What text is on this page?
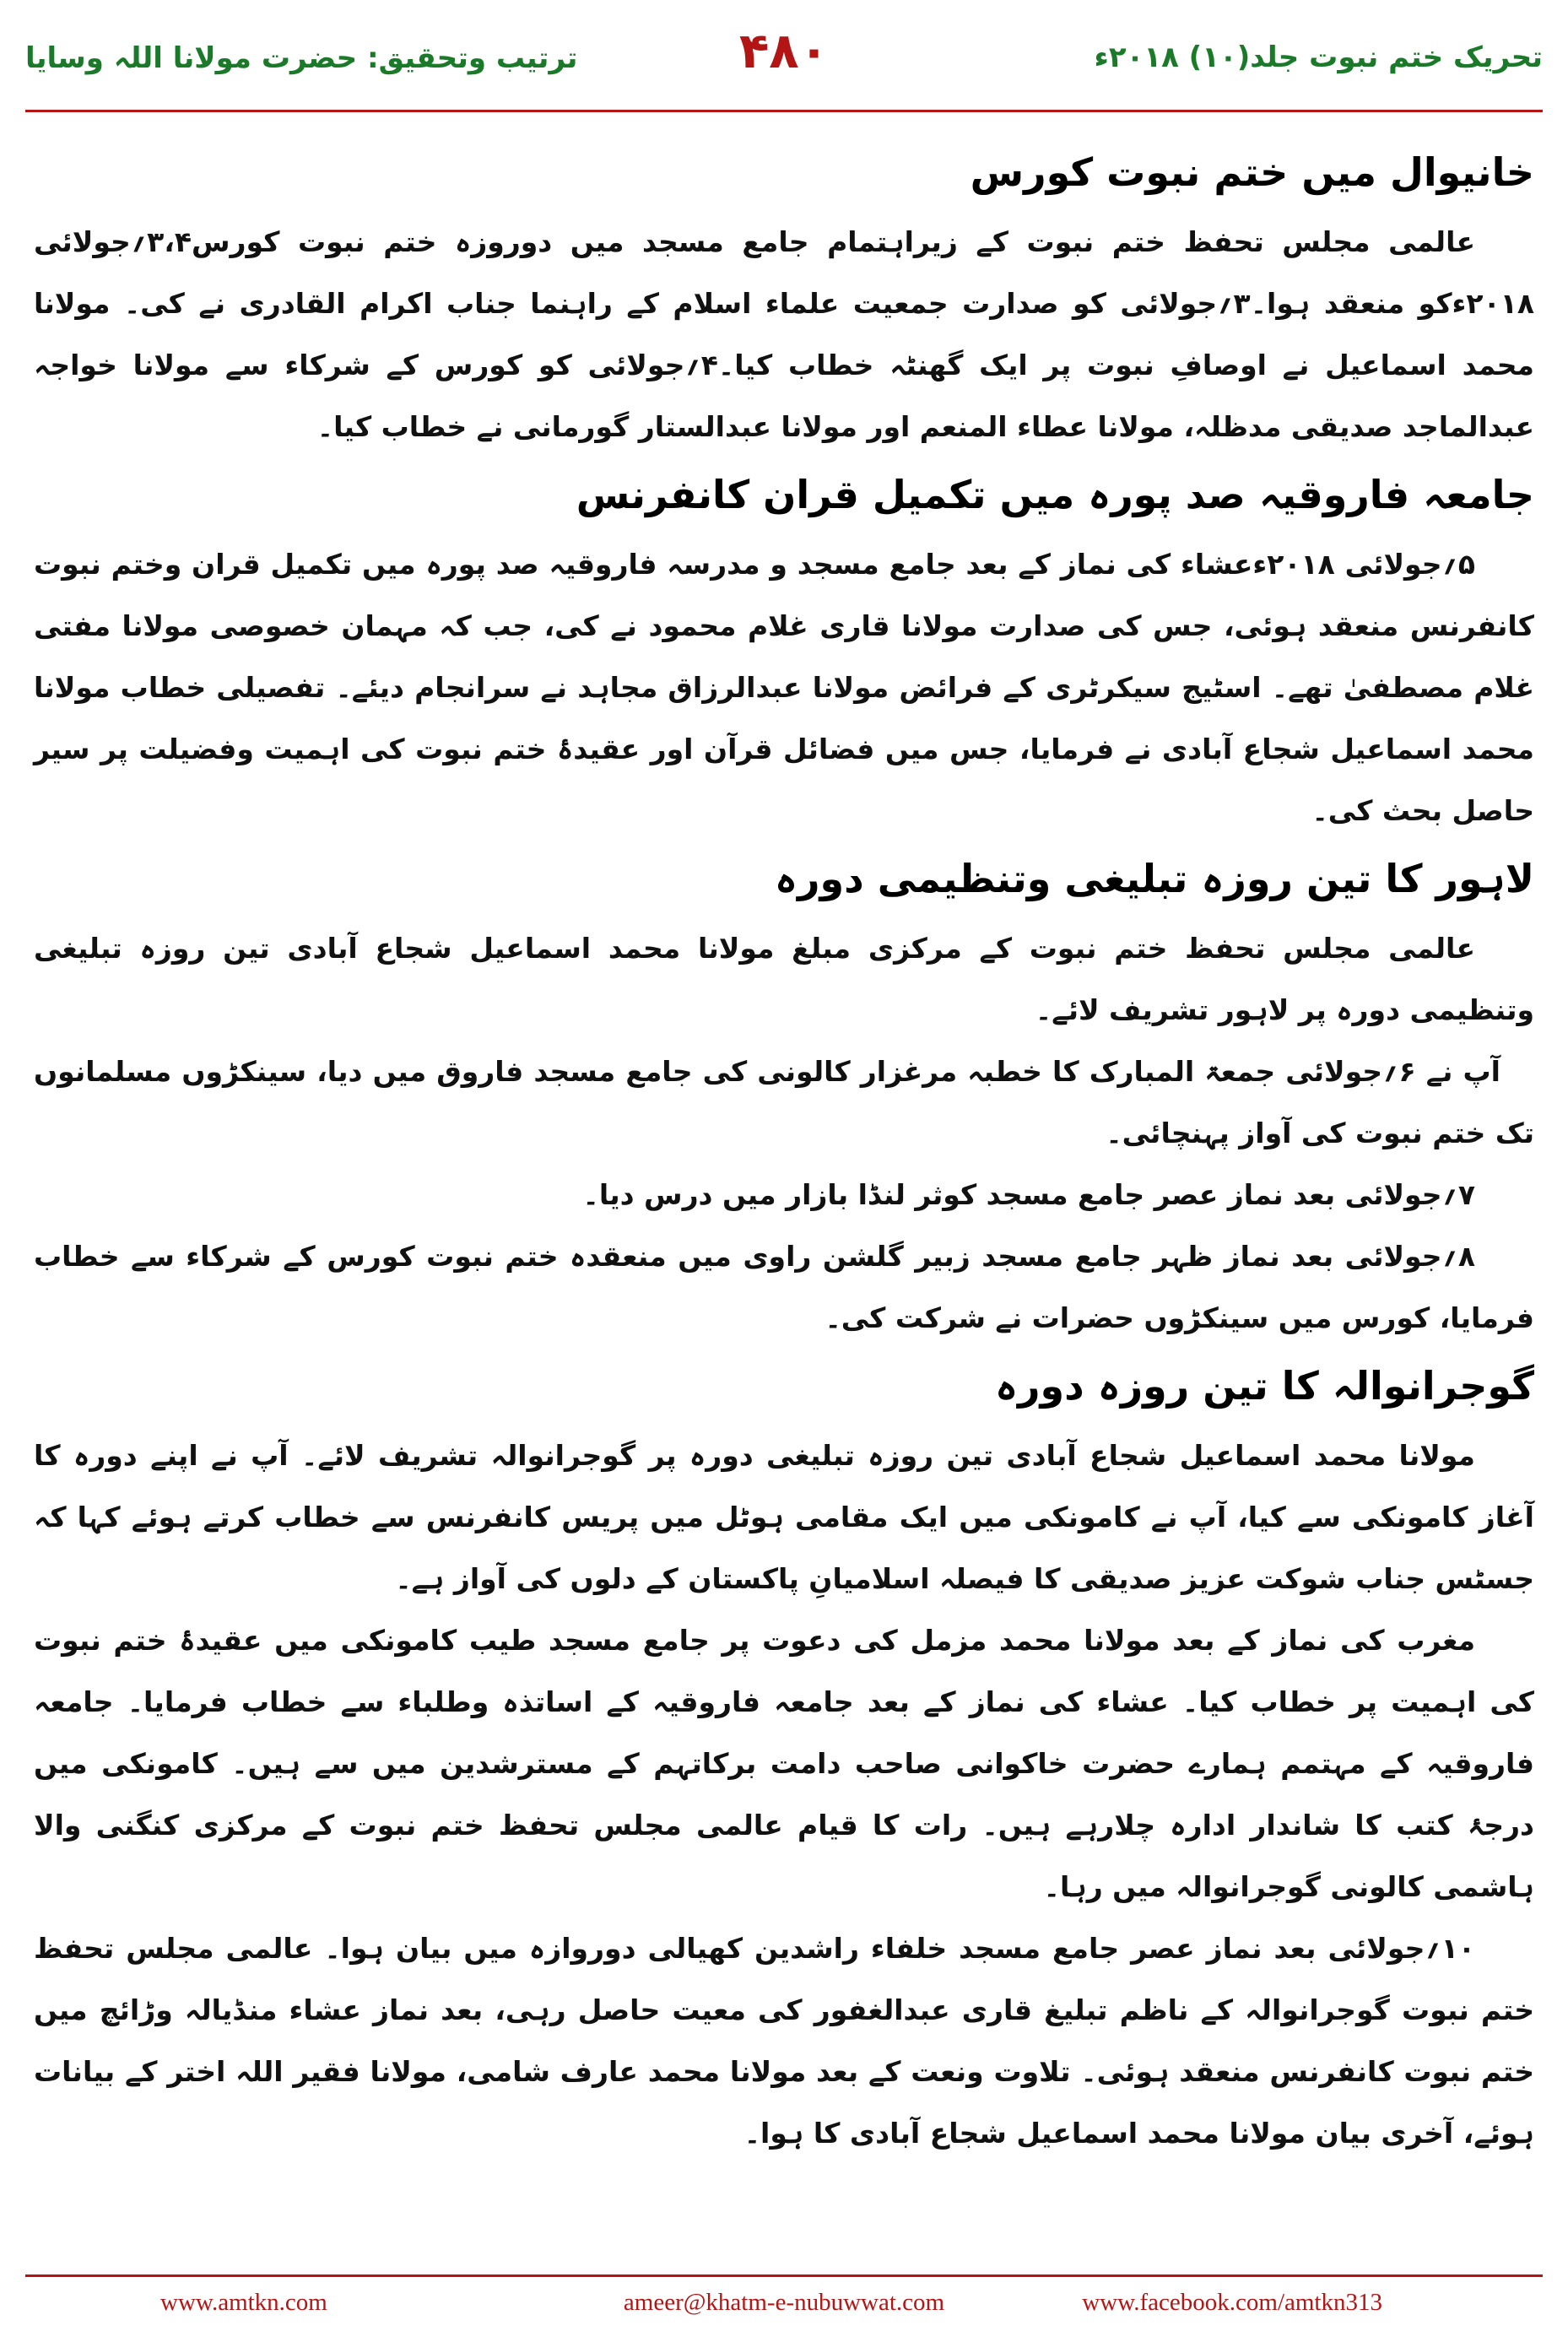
ترتیب وتحقیق: حضرت مولانا اللہ وسایا	۴۸۰	تحریک ختم نبوت جلد(۱۰) ۲۰۱۸ء
خانیوال میں ختم نبوت کورس

عالمی مجلس تحفظ ختم نبوت کے زیراہتمام جامع مسجد میں دوروزہ ختم نبوت کورس۳،۴؍جولائی ۲۰۱۸ءکو منعقد ہوا۔۳؍جولائی کو صدارت جمعیت علماء اسلام کے راہنما جناب اکرام القادری نے کی۔ مولانا محمد اسماعیل نے اوصافِ نبوت پر ایک گھنٹہ خطاب کیا۔۴؍جولائی کو کورس کے شرکاء سے مولانا خواجہ عبدالماجد صدیقی مدظلہ، مولانا عطاء المنعم اور مولانا عبدالستار گورمانی نے خطاب کیا۔

جامعہ فاروقیہ صد پورہ میں تکمیل قران کانفرنس

۵؍جولائی ۲۰۱۸ءعشاء کی نماز کے بعد جامع مسجد و مدرسہ فاروقیہ صد پورہ میں تکمیل قران وختم نبوت کانفرنس منعقد ہوئی، جس کی صدارت مولانا قاری غلام محمود نے کی، جب کہ مہمان خصوصی مولانا مفتی غلام مصطفیٰ تھے۔ اسٹیج سیکرٹری کے فرائض مولانا عبدالرزاق مجاہد نے سرانجام دیئے۔ تفصیلی خطاب مولانا محمد اسماعیل شجاع آبادی نے فرمایا، جس میں فضائل قرآن اور عقیدۂ ختم نبوت کی اہمیت وفضیلت پر سیر حاصل بحث کی۔

لاہور کا تین روزہ تبلیغی وتنظیمی دورہ

عالمی مجلس تحفظ ختم نبوت کے مرکزی مبلغ مولانا محمد اسماعیل شجاع آبادی تین روزہ تبلیغی وتنظیمی دورہ پر لاہور تشریف لائے۔

آپ نے ۶؍جولائی جمعۃ المبارک کا خطبہ مرغزار کالونی کی جامع مسجد فاروق میں دیا، سینکڑوں مسلمانوں تک ختم نبوت کی آواز پہنچائی۔

۷؍جولائی بعد نماز عصر جامع مسجد کوثر لنڈا بازار میں درس دیا۔

۸؍جولائی بعد نماز ظہر جامع مسجد زبیر گلشن راوی میں منعقدہ ختم نبوت کورس کے شرکاء سے خطاب فرمایا، کورس میں سینکڑوں حضرات نے شرکت کی۔

گوجرانوالہ کا تین روزہ دورہ

مولانا محمد اسماعیل شجاع آبادی تین روزہ تبلیغی دورہ پر گوجرانوالہ تشریف لائے۔ آپ نے اپنے دورہ کا آغاز کامونکی سے کیا، آپ نے کامونکی میں ایک مقامی ہوٹل میں پریس کانفرنس سے خطاب کرتے ہوئے کہا کہ جسٹس جناب شوکت عزیز صدیقی کا فیصلہ اسلامیانِ پاکستان کے دلوں کی آواز ہے۔

مغرب کی نماز کے بعد مولانا محمد مزمل کی دعوت پر جامع مسجد طیب کامونکی میں عقیدۂ ختم نبوت کی اہمیت پر خطاب کیا۔ عشاء کی نماز کے بعد جامعہ فاروقیہ کے اساتذہ وطلباء سے خطاب فرمایا۔ جامعہ فاروقیہ کے مہتمم ہمارے حضرت خاکوانی صاحب دامت برکاتہم کے مسترشدین میں سے ہیں۔ کامونکی میں درجۂ کتب کا شاندار ادارہ چلارہے ہیں۔ رات کا قیام عالمی مجلس تحفظ ختم نبوت کے مرکزی کنگنی والا ہاشمی کالونی گوجرانوالہ میں رہا۔

۱۰؍جولائی بعد نماز عصر جامع مسجد خلفاء راشدین کھیالی دوروازہ میں بیان ہوا۔ عالمی مجلس تحفظ ختم نبوت گوجرانوالہ کے ناظم تبلیغ قاری عبدالغفور کی معیت حاصل رہی، بعد نماز عشاء منڈیالہ وڑائچ میں ختم نبوت کانفرنس منعقد ہوئی۔ تلاوت ونعت کے بعد مولانا محمد عارف شامی، مولانا فقیر اللہ اختر کے بیانات ہوئے، آخری بیان مولانا محمد اسماعیل شجاع آبادی کا ہوا۔

www.amtkn.com	ameer@khatm-e-nubuwwat.com	www.facebook.com/amtkn313
